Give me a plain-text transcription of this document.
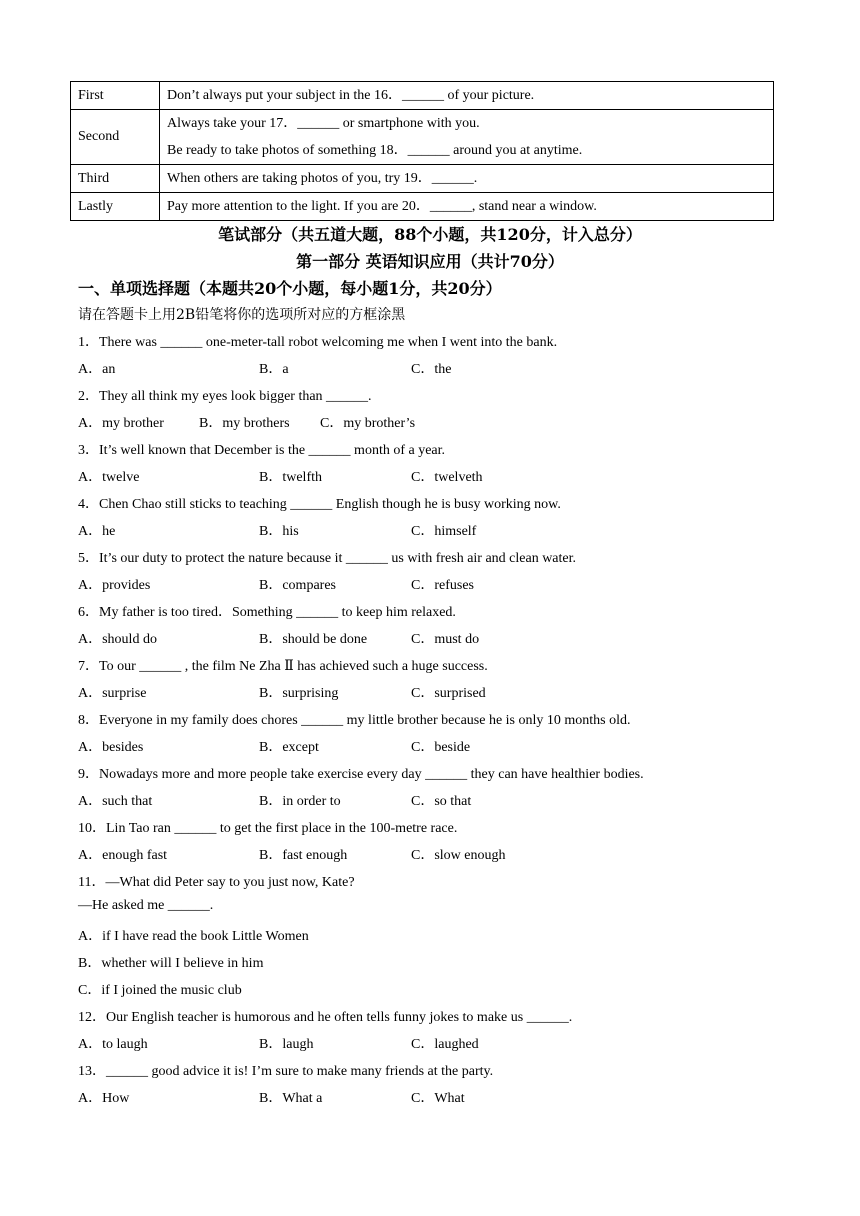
First	Don’t always put your subject in the 16．______ of your picture.

Second	Always take your 17．______ or smartphone with you.
Be ready to take photos of something 18．______ around you at anytime.

Third	When others are taking photos of you, try 19．______.

Lastly	Pay more attention to the light. If you are 20．______, stand near a window.
笔试部分（共五道大题，88个小题，共120分，计入总分）
第一部分 英语知识应用（共计70分）
一、单项选择题（本题共20个小题，每小题1分，共20分）
请在答题卡上用2B铅笔将你的选项所对应的方框涂黑
1．There was ______ one-meter-tall robot welcoming me when I went into the bank.
A．an	B．a	C．the
2．They all think my eyes look bigger than ______.
A．my brother	B．my brothers C．my brother’s
3．It’s well known that December is the ______ month of a year.
A．twelve	B．twelfth	C．twelveth
4．Chen Chao still sticks to teaching ______ English though he is busy working now.
A．he	B．his	C．himself
5．It’s our duty to protect the nature because it ______ us with fresh air and clean water.
A．provides	B．compares	C．refuses
6．My father is too tired．Something ______ to keep him relaxed.
A．should do	B．should be done	C．must do
7．To our ______ , the film Ne Zha Ⅱ has achieved such a huge success.
A．surprise	B．surprising	C．surprised
8．Everyone in my family does chores ______ my little brother because he is only 10 months old.
A．besides	B．except	C．beside
9．Nowadays more and more people take exercise every day ______ they can have healthier bodies.
A．such that	B．in order to	C．so that
10．Lin Tao ran ______ to get the first place in the 100-metre race.
A．enough fast	B．fast enough	C．slow enough
11．—What did Peter say to you just now, Kate?
—He asked me ______.
A．if I have read the book Little Women
B．whether will I believe in him
C．if I joined the music club
12．Our English teacher is humorous and he often tells funny jokes to make us ______.
A．to laugh	B．laugh	C．laughed
13．______ good advice it is! I’m sure to make many friends at the party.
A．How	B．What a	C．What
